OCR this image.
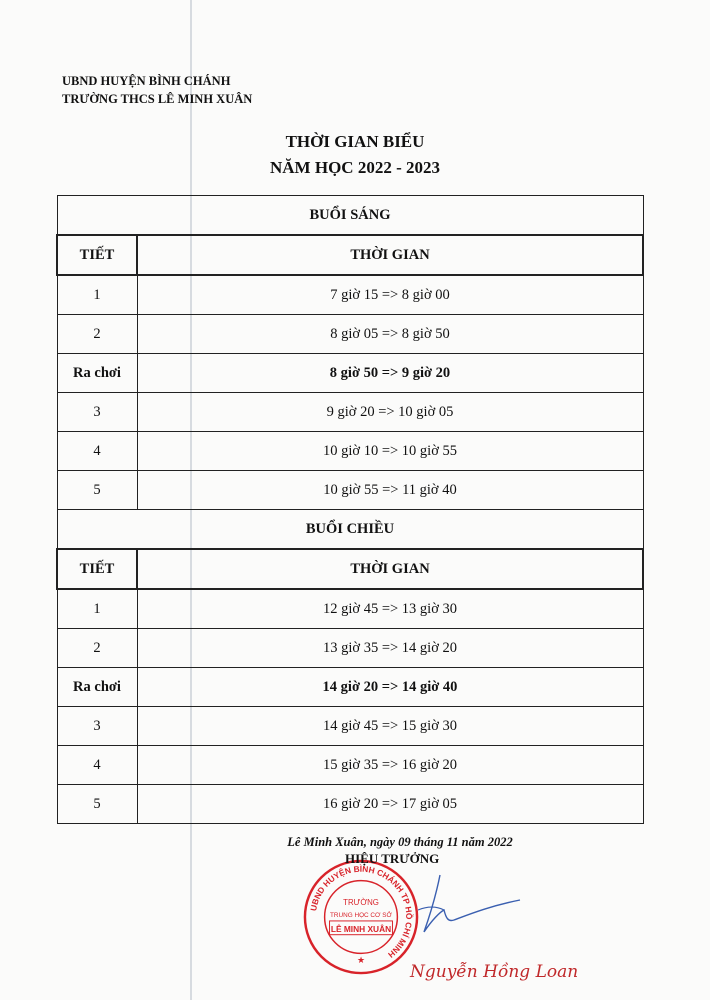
UBND HUYỆN BÌNH CHÁNH
TRƯỜNG THCS LÊ MINH XUÂN
THỜI GIAN BIỂU
NĂM HỌC 2022 - 2023
BUỔI SÁNG	
TIẾT	THỜI GIAN
1	7 giờ 15 => 8 giờ 00
2	8 giờ 05 => 8 giờ 50
Ra chơi	8 giờ 50 => 9 giờ 20
3	9 giờ 20 => 10 giờ 05
4	10 giờ 10 => 10 giờ 55
5	10 giờ 55 => 11 giờ 40
BUỔI CHIỀU	
TIẾT	THỜI GIAN
1	12 giờ 45 => 13 giờ 30
2	13 giờ 35 => 14 giờ 20
Ra chơi	14 giờ 20 => 14 giờ 40
3	14 giờ 45 => 15 giờ 30
4	15 giờ 35 => 16 giờ 20
5	16 giờ 20 => 17 giờ 05
Lê Minh Xuân, ngày 09 tháng 11 năm 2022
UBND HUYỆN BÌNH CHÁNH TP HỒ CHÍ MINH
TRƯỜNG
TRUNG HỌC CƠ SỞ
LÊ MINH XUÂN
★
HIỆU TRƯỞNG
Nguyễn Hồng Loan
